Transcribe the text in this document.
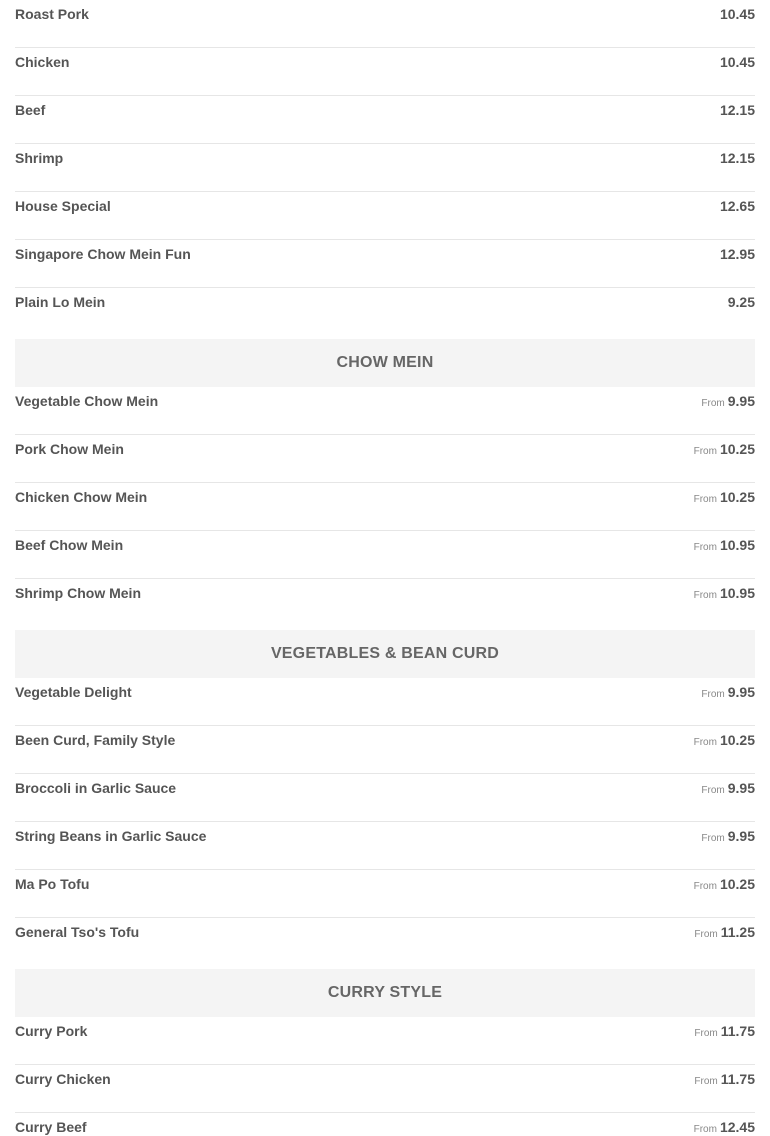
Roast Pork	10.45
Chicken	10.45
Beef	12.15
Shrimp	12.15
House Special	12.65
Singapore Chow Mein Fun	12.95
Plain Lo Mein	9.25
CHOW MEIN
Vegetable Chow Mein	From 9.95
Pork Chow Mein	From 10.25
Chicken Chow Mein	From 10.25
Beef Chow Mein	From 10.95
Shrimp Chow Mein	From 10.95
VEGETABLES & BEAN CURD
Vegetable Delight	From 9.95
Been Curd, Family Style	From 10.25
Broccoli in Garlic Sauce	From 9.95
String Beans in Garlic Sauce	From 9.95
Ma Po Tofu	From 10.25
General Tso's Tofu	From 11.25
CURRY STYLE
Curry Pork	From 11.75
Curry Chicken	From 11.75
Curry Beef	From 12.45
